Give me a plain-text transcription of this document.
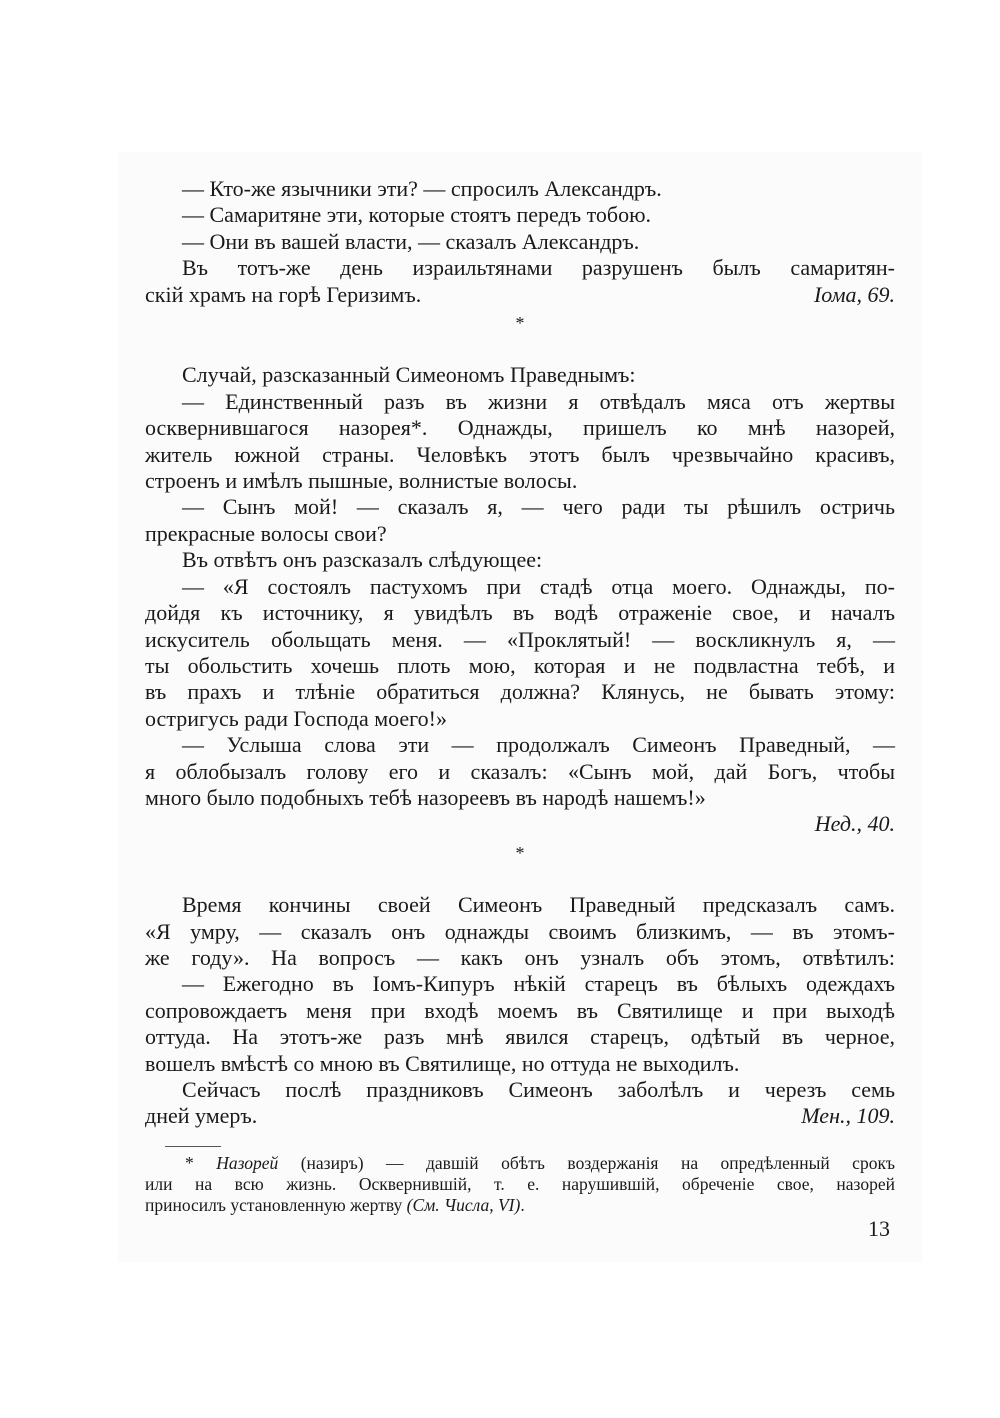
— Кто-же язычники эти? — спросилъ Александръ.
— Самаритяне эти, которые стоятъ передъ тобою.
— Они въ вашей власти, — сказалъ Александръ.
Въ тотъ-же день израильтянами разрушенъ былъ самаритян-
скій храмъ на горѣ Геризимъ.	Іома, 69.
*
Случай, разсказанный Симеономъ Праведнымъ:
— Единственный разъ въ жизни я отвѣдалъ мяса отъ жертвы
осквернившагося назорея*. Однажды, пришелъ ко мнѣ назорей,
житель южной страны. Человѣкъ этотъ былъ чрезвычайно красивъ,
строенъ и имѣлъ пышные, волнистые волосы.
— Сынъ мой! — сказалъ я, — чего ради ты рѣшилъ остричь
прекрасные волосы свои?
Въ отвѣтъ онъ разсказалъ слѣдующее:
— «Я состоялъ пастухомъ при стадѣ отца моего. Однажды, по-
дойдя къ источнику, я увидѣлъ въ водѣ отраженіе свое, и началъ
искуситель обольщать меня. — «Проклятый! — воскликнулъ я, —
ты обольстить хочешь плоть мою, которая и не подвластна тебѣ, и
въ прахъ и тлѣніе обратиться должна? Клянусь, не бывать этому:
остригусь ради Господа моего!»
— Услыша слова эти — продолжалъ Симеонъ Праведный, —
я облобызалъ голову его и сказалъ: «Сынъ мой, дай Богъ, чтобы
много было подобныхъ тебѣ назореевъ въ народѣ нашемъ!»
Нед., 40.
*
Время кончины своей Симеонъ Праведный предсказалъ самъ.
«Я умру, — сказалъ онъ однажды своимъ близкимъ, — въ этомъ-
же году». На вопросъ — какъ онъ узналъ объ этомъ, отвѣтилъ:
— Ежегодно въ Іомъ-Кипуръ нѣкій старецъ въ бѣлыхъ одеждахъ
сопровождаетъ меня при входѣ моемъ въ Святилище и при выходѣ
оттуда. На этотъ-же разъ мнѣ явился старецъ, одѣтый въ черное,
вошелъ вмѣстѣ со мною въ Святилище, но оттуда не выходилъ.
Сейчасъ послѣ праздниковъ Симеонъ заболѣлъ и черезъ семь
дней умеръ.	Мен., 109.
* Назорей (назиръ) — давшій обѣтъ воздержанія на опредѣленный срокъ
или на всю жизнь. Осквернившій, т. е. нарушившій, обреченіе свое, назорей
приносилъ установленную жертву (См. Числа, VI).
13
